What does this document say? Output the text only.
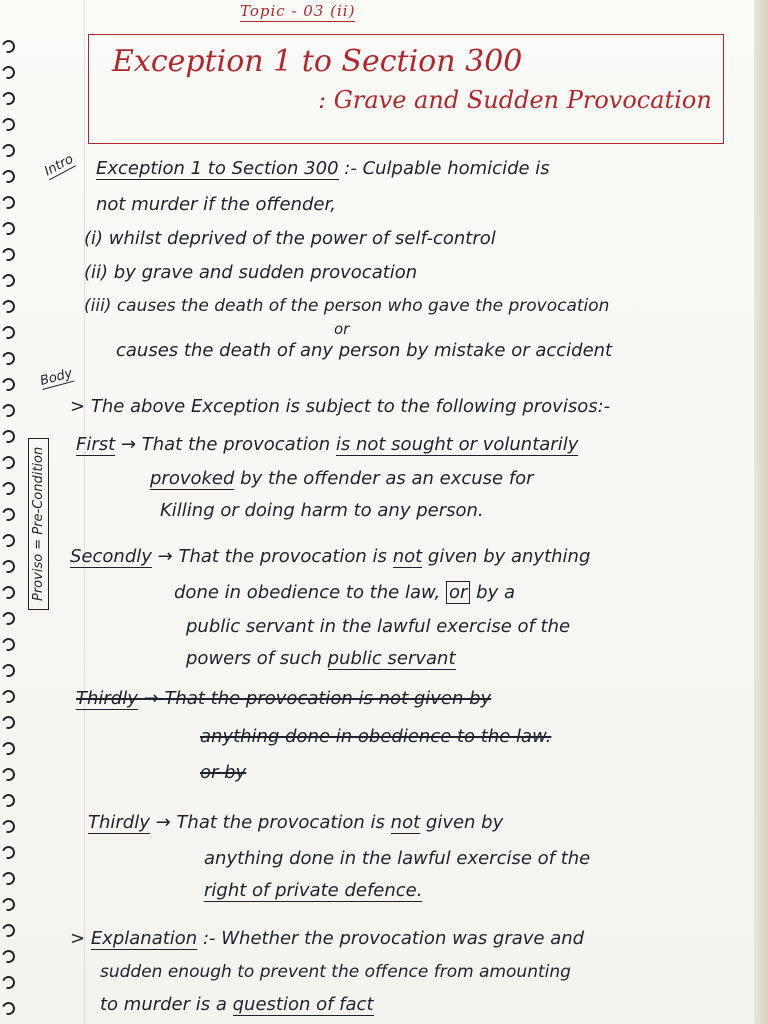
Topic - 03 (ii)
Exception 1 to Section 300
: Grave and Sudden Provocation
Intro
Body
Proviso = Pre-Condition
Exception 1 to Section 300 :- Culpable homicide is
not murder if the offender,
(i) whilst deprived of the power of self-control
(ii) by grave and sudden provocation
(iii) causes the death of the person who gave the provocation
or
causes the death of any person by mistake or accident
> The above Exception is subject to the following provisos:-
First → That the provocation is not sought or voluntarily
provoked by the offender as an excuse for
Killing or doing harm to any person.
Secondly → That the provocation is not given by anything
done in obedience to the law, or by a
public servant in the lawful exercise of the
powers of such public servant
Thirdly → That the provocation is not given by
anything done in obedience to the law.
or by
Thirdly → That the provocation is not given by
anything done in the lawful exercise of the
right of private defence.
> Explanation :- Whether the provocation was grave and
sudden enough to prevent the offence from amounting
to murder is a question of fact
